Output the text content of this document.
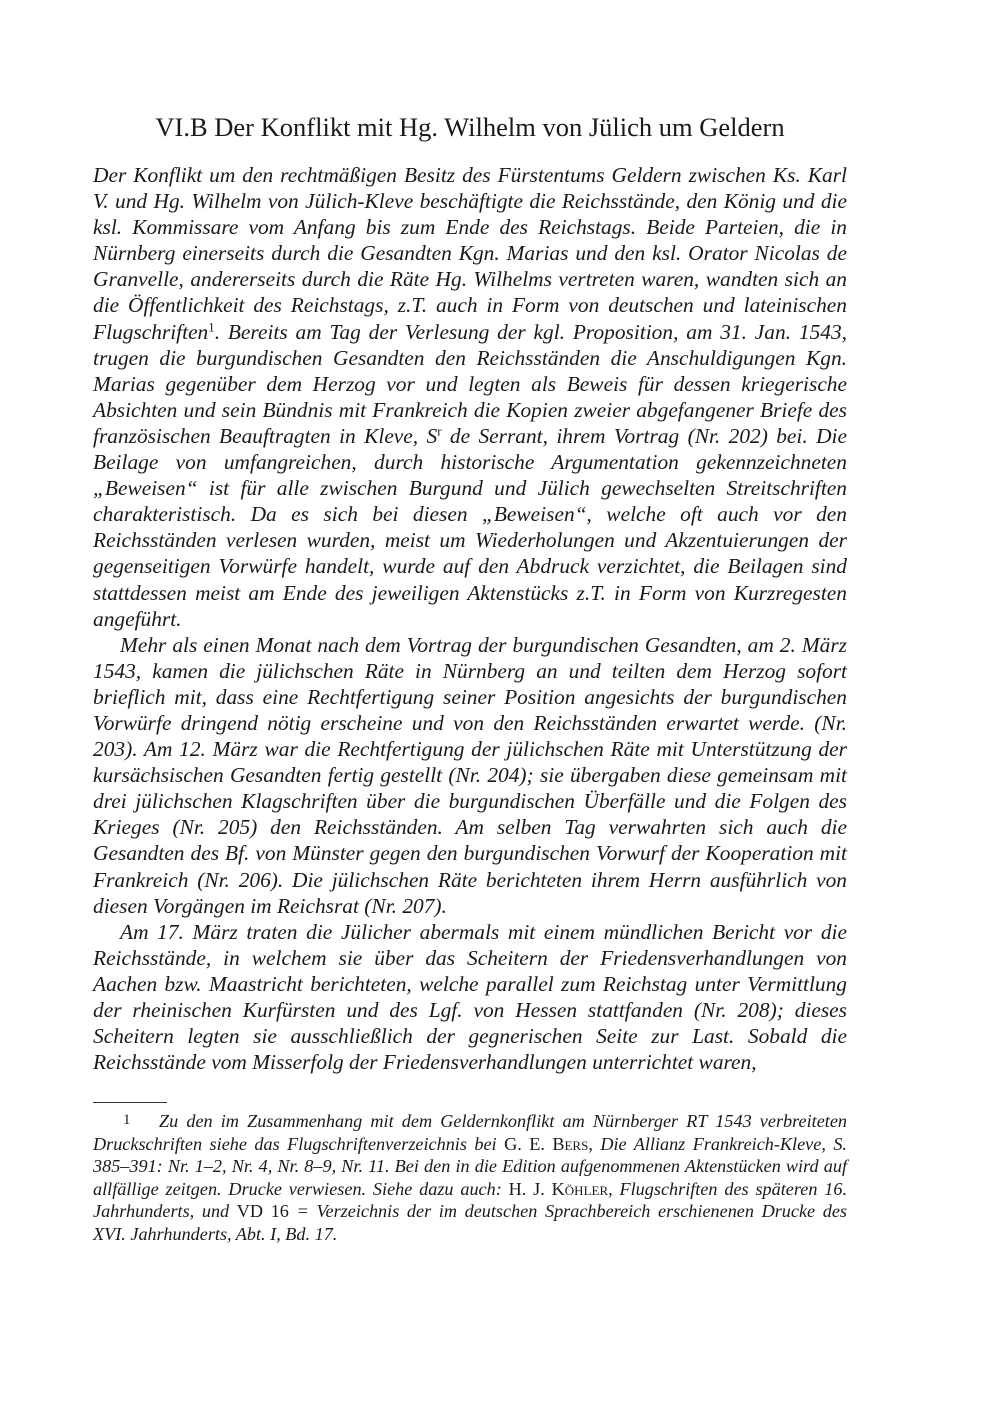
VI.B Der Konflikt mit Hg. Wilhelm von Jülich um Geldern

Der Konflikt um den rechtmäßigen Besitz des Fürstentums Geldern zwischen Ks. Karl V. und Hg. Wilhelm von Jülich-Kleve beschäftigte die Reichsstände, den König und die ksl. Kommissare vom Anfang bis zum Ende des Reichstags. Beide Parteien, die in Nürnberg einerseits durch die Gesandten Kgn. Marias und den ksl. Orator Nicolas de Granvelle, andererseits durch die Räte Hg. Wilhelms vertreten waren, wandten sich an die Öffentlichkeit des Reichstags, z.T. auch in Form von deutschen und lateinischen Flugschriften$^1$. Bereits am Tag der Verlesung der kgl. Proposition, am 31. Jan. 1543, trugen die burgundischen Gesandten den Reichsständen die Anschuldigungen Kgn. Marias gegenüber dem Herzog vor und legten als Beweis für dessen kriegerische Absichten und sein Bündnis mit Frankreich die Kopien zweier abgefangener Briefe des französischen Beauftragten in Kleve, $S^r$ de Serrant, ihrem Vortrag (Nr. 202) bei. Die Beilage von umfangreichen, durch historische Argumentation gekennzeichneten „Beweisen“ ist für alle zwischen Burgund und Jülich gewechselten Streitschriften charakteristisch. Da es sich bei diesen „Beweisen“, welche oft auch vor den Reichsständen verlesen wurden, meist um Wiederholungen und Akzentuierungen der gegenseitigen Vorwürfe handelt, wurde auf den Abdruck verzichtet, die Beilagen sind stattdessen meist am Ende des jeweiligen Aktenstücks z.T. in Form von Kurzregesten angeführt.

Mehr als einen Monat nach dem Vortrag der burgundischen Gesandten, am 2. März 1543, kamen die jülichschen Räte in Nürnberg an und teilten dem Herzog sofort brieflich mit, dass eine Rechtfertigung seiner Position angesichts der burgundischen Vorwürfe dringend nötig erscheine und von den Reichsständen erwartet werde. (Nr. 203). Am 12. März war die Rechtfertigung der jülichschen Räte mit Unterstützung der kursächsischen Gesandten fertig gestellt (Nr. 204); sie übergaben diese gemeinsam mit drei jülichschen Klagschriften über die burgundischen Überfälle und die Folgen des Krieges (Nr. 205) den Reichsständen. Am selben Tag verwahrten sich auch die Gesandten des Bf. von Münster gegen den burgundischen Vorwurf der Kooperation mit Frankreich (Nr. 206). Die jülichschen Räte berichteten ihrem Herrn ausführlich von diesen Vorgängen im Reichsrat (Nr. 207).

Am 17. März traten die Jülicher abermals mit einem mündlichen Bericht vor die Reichsstände, in welchem sie über das Scheitern der Friedensverhandlungen von Aachen bzw. Maastricht berichteten, welche parallel zum Reichstag unter Vermittlung der rheinischen Kurfürsten und des Lgf. von Hessen stattfanden (Nr. 208); dieses Scheitern legten sie ausschließlich der gegnerischen Seite zur Last. Sobald die Reichsstände vom Misserfolg der Friedensverhandlungen unterrichtet waren,

1 Zu den im Zusammenhang mit dem Geldernkonflikt am Nürnberger RT 1543 verbreiteten Druckschriften siehe das Flugschriftenverzeichnis bei G. E. Bers, Die Allianz Frankreich-Kleve, S. 385–391: Nr. 1–2, Nr. 4, Nr. 8–9, Nr. 11. Bei den in die Edition aufgenommenen Aktenstücken wird auf allfällige zeitgen. Drucke verwiesen. Siehe dazu auch: H. J. Köhler, Flugschriften des späteren 16. Jahrhunderts, und VD 16 = Verzeichnis der im deutschen Sprachbereich erschienenen Drucke des XVI. Jahrhunderts, Abt. I, Bd. 17.
